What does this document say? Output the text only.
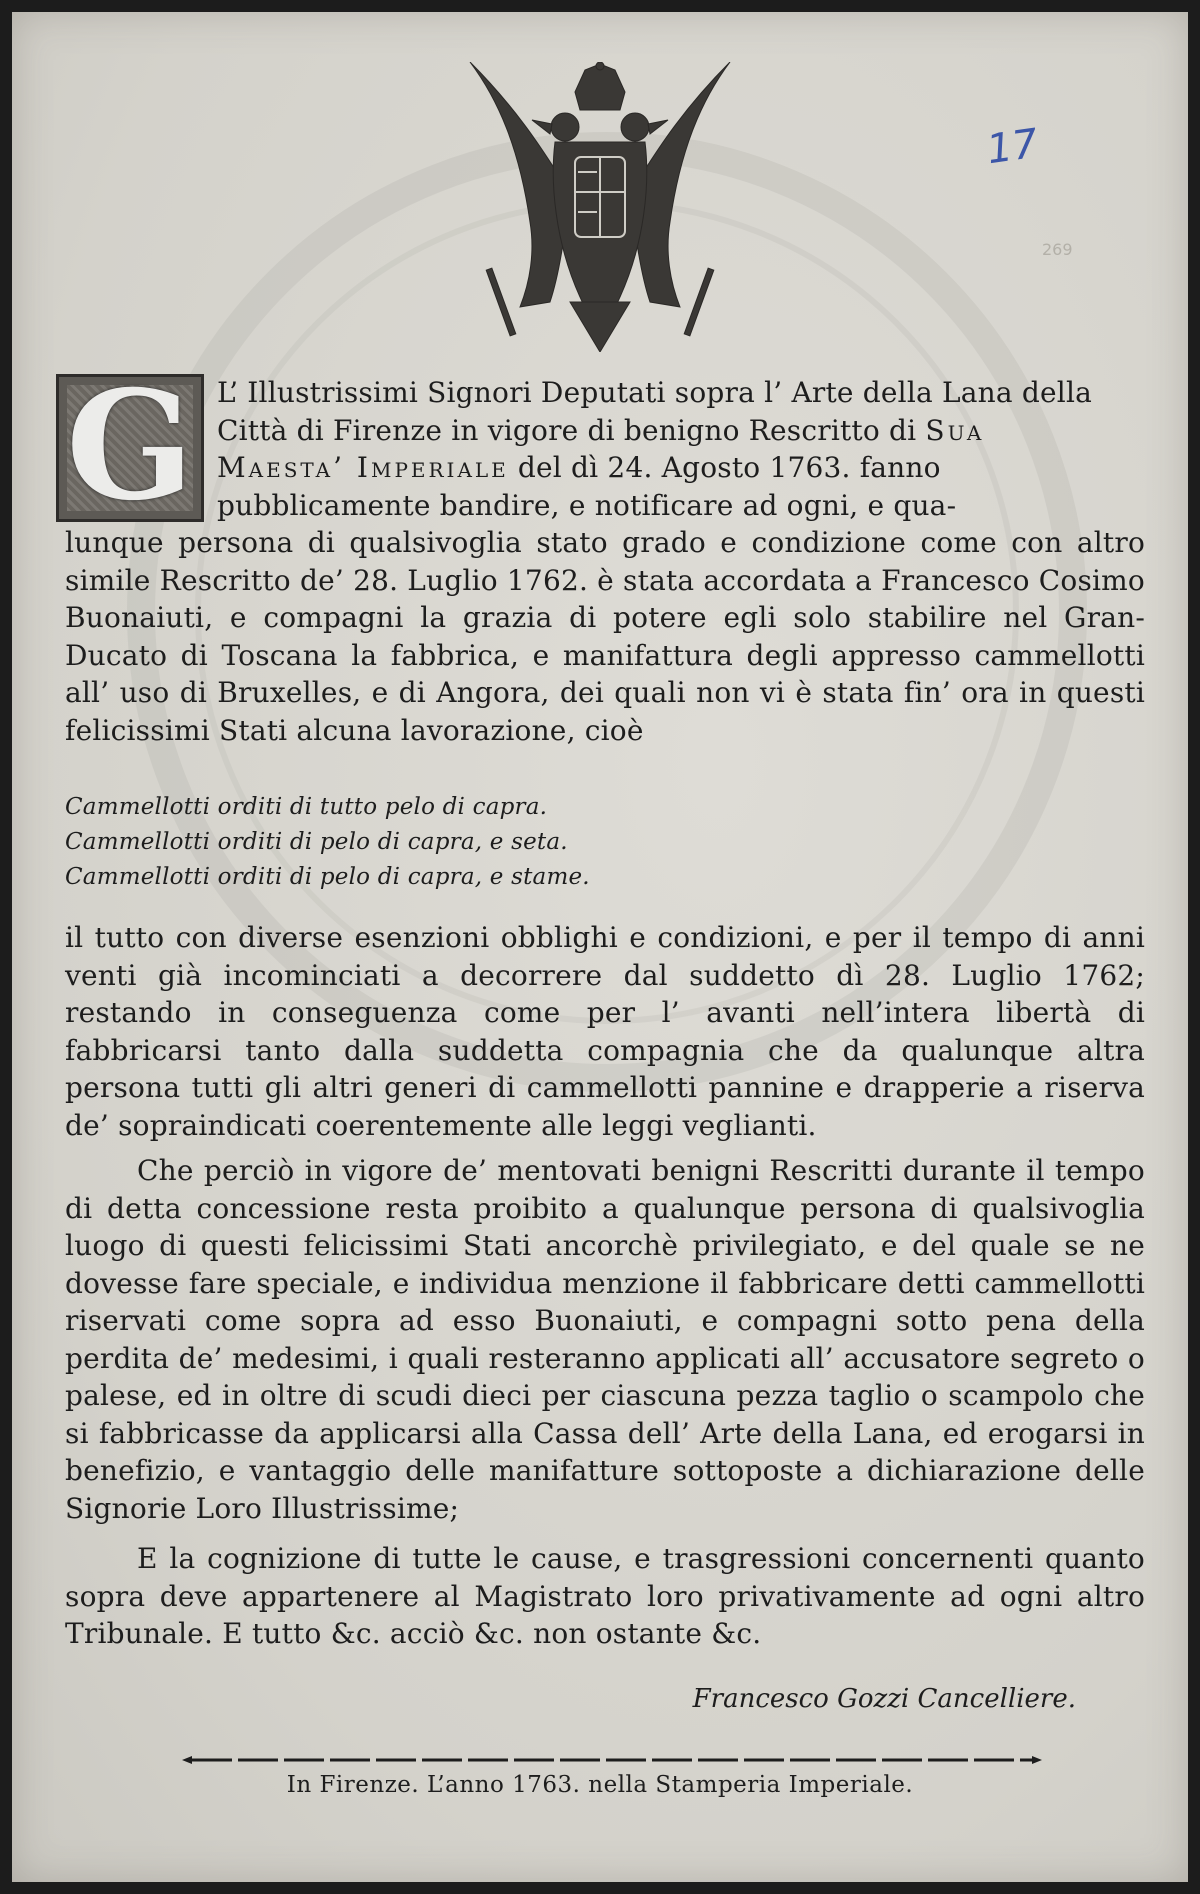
17
269
G L’ Illustrissimi Signori Deputati sopra l’ Arte della Lana della
Città di Firenze in vigore di benigno Rescritto di Sua
Maesta’ Imperiale del dì 24. Agosto 1763. fanno
pubblicamente bandire, e notificare ad ogni, e qua-
lunque persona di qualsivoglia stato grado e condizione come con altro simile Rescritto de’ 28. Luglio 1762. è stata accordata a Francesco Cosimo Buonaiuti, e compagni la grazia di potere egli solo stabilire nel Gran-Ducato di Toscana la fabbrica, e manifattura degli appresso cammellotti all’ uso di Bruxelles, e di Angora, dei quali non vi è stata fin’ ora in questi felicissimi Stati alcuna lavorazione, cioè
Cammellotti orditi di tutto pelo di capra.
Cammellotti orditi di pelo di capra, e seta.
Cammellotti orditi di pelo di capra, e stame.
il tutto con diverse esenzioni obblighi e condizioni, e per il tempo di anni venti già incominciati a decorrere dal suddetto dì 28. Luglio 1762; restando in conseguenza come per l’ avanti nell’intera libertà di fabbricarsi tanto dalla suddetta compagnia che da qualunque altra persona tutti gli altri generi di cammellotti pannine e drapperie a riserva de’ sopraindicati coerentemente alle leggi veglianti.
Che perciò in vigore de’ mentovati benigni Rescritti durante il tempo di detta concessione resta proibito a qualunque persona di qualsivoglia luogo di questi felicissimi Stati ancorchè privilegiato, e del quale se ne dovesse fare speciale, e individua menzione il fabbricare detti cammellotti riservati come sopra ad esso Buonaiuti, e compagni sotto pena della perdita de’ medesimi, i quali resteranno applicati all’ accusatore segreto o palese, ed in oltre di scudi dieci per ciascuna pezza taglio o scampolo che si fabbricasse da applicarsi alla Cassa dell’ Arte della Lana, ed erogarsi in benefizio, e vantaggio delle manifatture sottoposte a dichiarazione delle Signorie Loro Illustrissime;
E la cognizione di tutte le cause, e trasgressioni concernenti quanto sopra deve appartenere al Magistrato loro privativamente ad ogni altro Tribunale. E tutto &c. acciò &c. non ostante &c.
Francesco Gozzi Cancelliere.
In Firenze. L’anno 1763. nella Stamperia Imperiale.
